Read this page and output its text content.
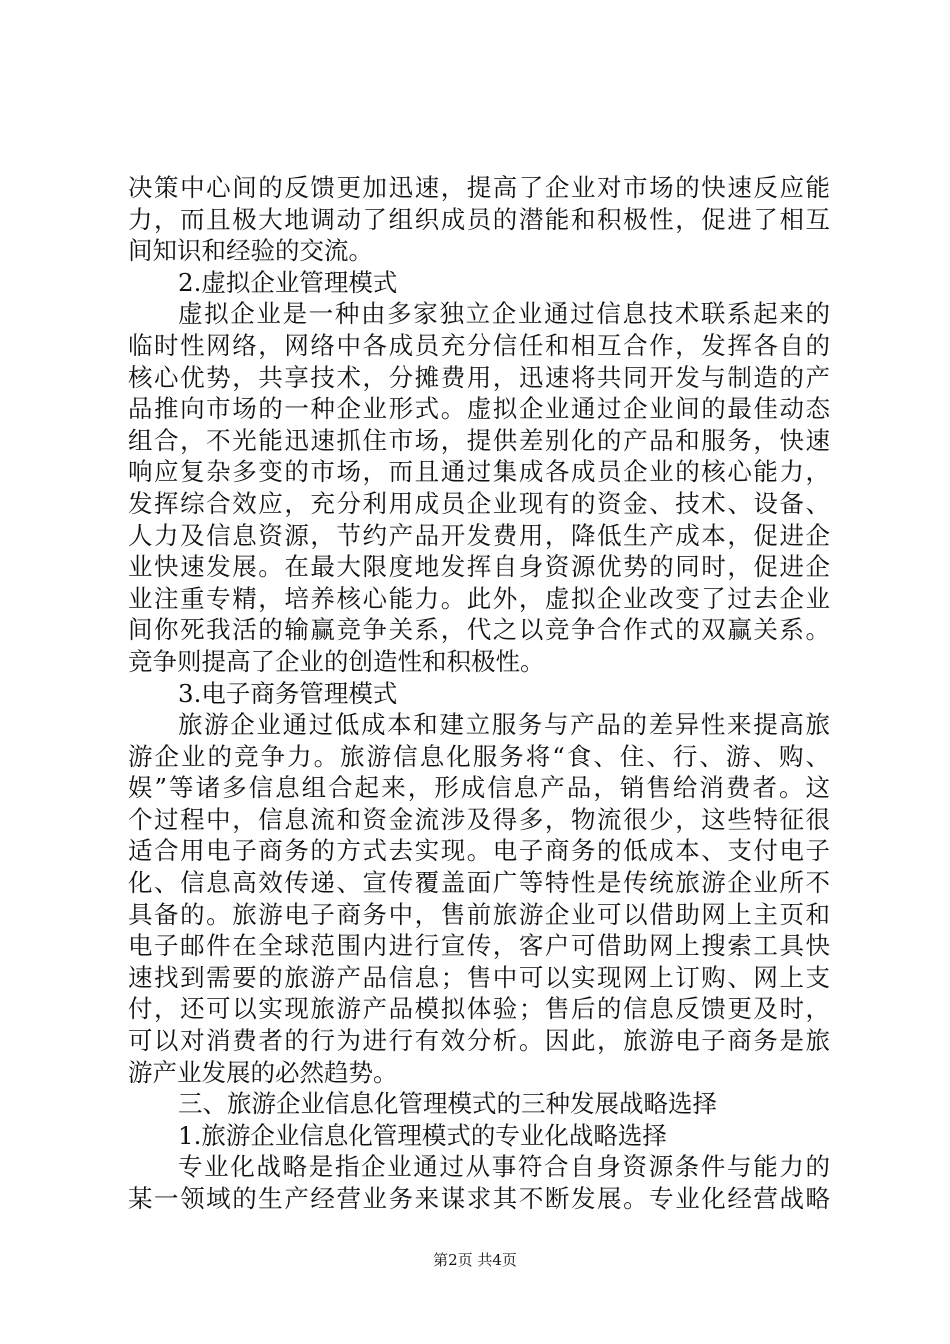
决策中心间的反馈更加迅速，提高了企业对市场的快速反应能
力，而且极大地调动了组织成员的潜能和积极性，促进了相互
间知识和经验的交流。
2.虚拟企业管理模式
虚拟企业是一种由多家独立企业通过信息技术联系起来的
临时性网络，网络中各成员充分信任和相互合作，发挥各自的
核心优势，共享技术，分摊费用，迅速将共同开发与制造的产
品推向市场的一种企业形式。虚拟企业通过企业间的最佳动态
组合，不光能迅速抓住市场，提供差别化的产品和服务，快速
响应复杂多变的市场，而且通过集成各成员企业的核心能力，
发挥综合效应，充分利用成员企业现有的资金、技术、设备、
人力及信息资源，节约产品开发费用，降低生产成本，促进企
业快速发展。在最大限度地发挥自身资源优势的同时，促进企
业注重专精，培养核心能力。此外，虚拟企业改变了过去企业
间你死我活的输赢竞争关系，代之以竞争合作式的双赢关系。
竞争则提高了企业的创造性和积极性。
3.电子商务管理模式
旅游企业通过低成本和建立服务与产品的差异性来提高旅
游企业的竞争力。旅游信息化服务将“食、住、行、游、购、
娱”等诸多信息组合起来，形成信息产品，销售给消费者。这
个过程中，信息流和资金流涉及得多，物流很少，这些特征很
适合用电子商务的方式去实现。电子商务的低成本、支付电子
化、信息高效传递、宣传覆盖面广等特性是传统旅游企业所不
具备的。旅游电子商务中，售前旅游企业可以借助网上主页和
电子邮件在全球范围内进行宣传，客户可借助网上搜索工具快
速找到需要的旅游产品信息；售中可以实现网上订购、网上支
付，还可以实现旅游产品模拟体验；售后的信息反馈更及时，
可以对消费者的行为进行有效分析。因此，旅游电子商务是旅
游产业发展的必然趋势。
三、旅游企业信息化管理模式的三种发展战略选择
1.旅游企业信息化管理模式的专业化战略选择
专业化战略是指企业通过从事符合自身资源条件与能力的
某一领域的生产经营业务来谋求其不断发展。专业化经营战略
第2页 共4页
